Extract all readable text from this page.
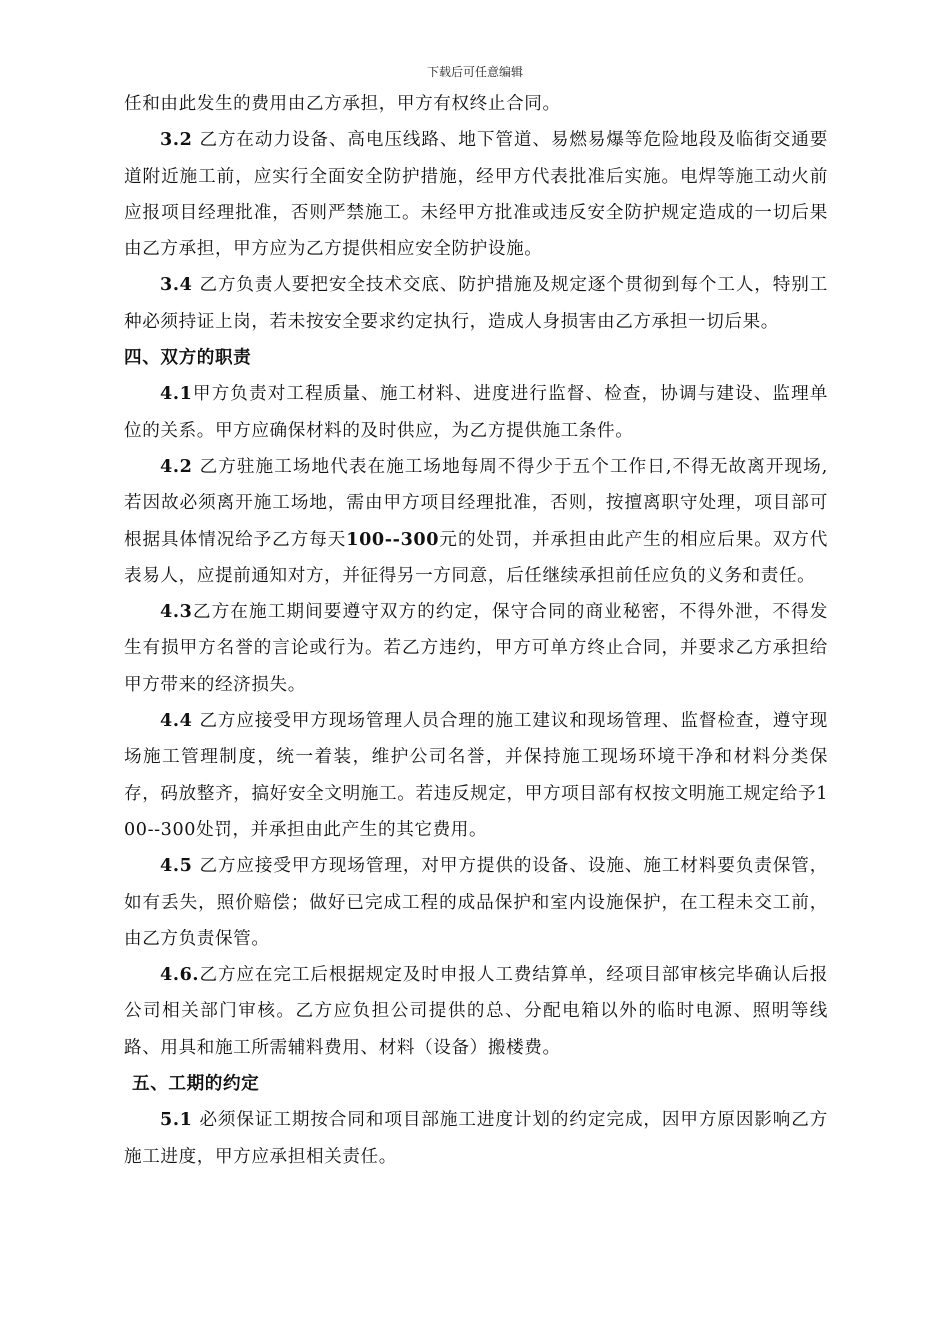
下载后可任意编辑

任和由此发生的费用由乙方承担，甲方有权终止合同。

3.2 乙方在动力设备、高电压线路、地下管道、易燃易爆等危险地段及临街交通要道附近施工前，应实行全面安全防护措施，经甲方代表批准后实施。电焊等施工动火前应报项目经理批准，否则严禁施工。未经甲方批准或违反安全防护规定造成的一切后果由乙方承担，甲方应为乙方提供相应安全防护设施。

3.4 乙方负责人要把安全技术交底、防护措施及规定逐个贯彻到每个工人，特别工种必须持证上岗，若未按安全要求约定执行，造成人身损害由乙方承担一切后果。

四、双方的职责

4.1甲方负责对工程质量、施工材料、进度进行监督、检查，协调与建设、监理单位的关系。甲方应确保材料的及时供应，为乙方提供施工条件。

4.2 乙方驻施工场地代表在施工场地每周不得少于五个工作日,不得无故离开现场,若因故必须离开施工场地，需由甲方项目经理批准，否则，按擅离职守处理，项目部可根据具体情况给予乙方每天100--300元的处罚，并承担由此产生的相应后果。双方代表易人，应提前通知对方，并征得另一方同意，后任继续承担前任应负的义务和责任。

4.3乙方在施工期间要遵守双方的约定，保守合同的商业秘密，不得外泄，不得发生有损甲方名誉的言论或行为。若乙方违约，甲方可单方终止合同，并要求乙方承担给甲方带来的经济损失。

4.4 乙方应接受甲方现场管理人员合理的施工建议和现场管理、监督检查，遵守现场施工管理制度，统一着装，维护公司名誉，并保持施工现场环境干净和材料分类保存，码放整齐，搞好安全文明施工。若违反规定，甲方项目部有权按文明施工规定给予100--300处罚，并承担由此产生的其它费用。

4.5 乙方应接受甲方现场管理，对甲方提供的设备、设施、施工材料要负责保管，如有丢失，照价赔偿；做好已完成工程的成品保护和室内设施保护，在工程未交工前，由乙方负责保管。

4.6.乙方应在完工后根据规定及时申报人工费结算单，经项目部审核完毕确认后报公司相关部门审核。乙方应负担公司提供的总、分配电箱以外的临时电源、照明等线路、用具和施工所需辅料费用、材料（设备）搬楼费。

五、工期的约定

5.1 必须保证工期按合同和项目部施工进度计划的约定完成，因甲方原因影响乙方施工进度，甲方应承担相关责任。
